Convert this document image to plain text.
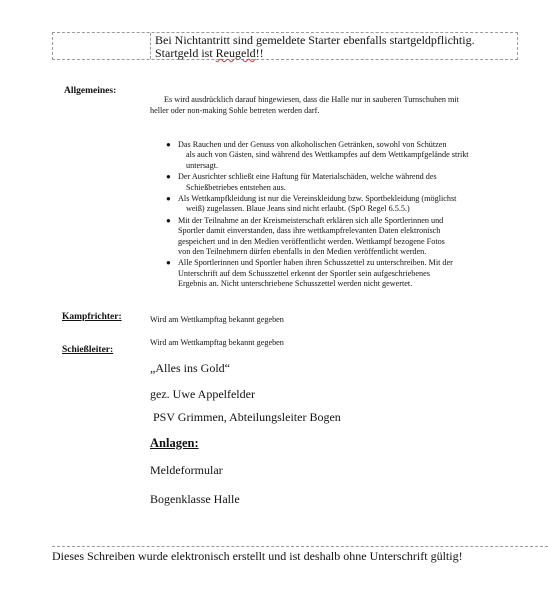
Bei Nichtantritt sind gemeldete Starter ebenfalls startgeldpflichtig.
Startgeld ist Reugeld!!
Allgemeines:
Es wird ausdrücklich darauf hingewiesen, dass die Halle nur in sauberen Turnschuhen mit
heller oder non-making Sohle betreten werden darf.
● Das Rauchen und der Genuss von alkoholischen Getränken, sowohl von Schützen
als auch von Gästen, sind während des Wettkampfes auf dem Wettkampfgelände strikt
untersagt.
● Der Ausrichter schließt eine Haftung für Materialschäden, welche während des
Schießbetriebes entstehen aus.
● Als Wettkampfkleidung ist nur die Vereinskleidung bzw. Sportbekleidung (möglichst
weiß) zugelassen. Blaue Jeans sind nicht erlaubt. (SpO Regel 6.5.5.)
● Mit der Teilnahme an der Kreismeisterschaft erklären sich alle Sportlerinnen und
Sportler damit einverstanden, dass ihre wettkampfrelevanten Daten elektronisch
gespeichert und in den Medien veröffentlicht werden. Wettkampf bezogene Fotos
von den Teilnehmern dürfen ebenfalls in den Medien veröffentlicht werden.
● Alle Sportlerinnen und Sportler haben ihren Schusszettel zu unterschreiben. Mit der
Unterschrift auf dem Schusszettel erkennt der Sportler sein aufgeschriebenes
Ergebnis an. Nicht unterschriebene Schusszettel werden nicht gewertet.
Kampfrichter:	Wird am Wettkampftag bekannt gegeben
Wird am Wettkampftag bekannt gegeben
Schießleiter:
„Alles ins Gold“
gez. Uwe Appelfelder
PSV Grimmen, Abteilungsleiter Bogen
Anlagen:
Meldeformular
Bogenklasse Halle
Dieses Schreiben wurde elektronisch erstellt und ist deshalb ohne Unterschrift gültig!
